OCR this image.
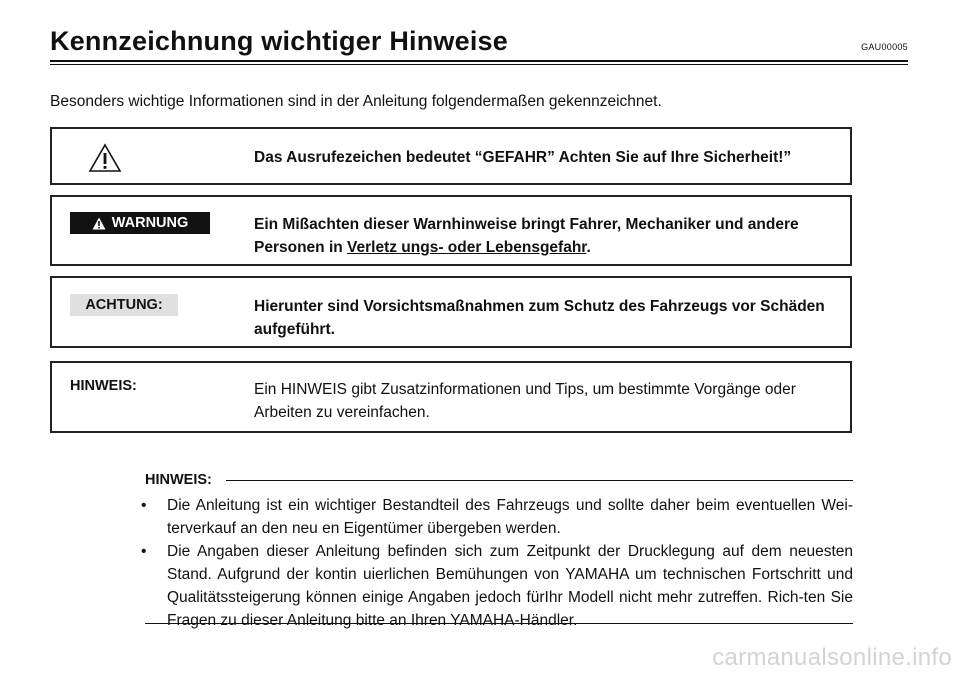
Kennzeichnung wichtiger Hinweise	GAU00005
Besonders wichtige Informationen sind in der Anleitung folgendermaßen gekennzeichnet.
Das Ausrufezeichen bedeutet “GEFAHR” Achten Sie auf Ihre Sicherheit!”
WARNUNG	Ein Mißachten dieser Warnhinweise bringt Fahrer, Mechaniker und andere Personen in Verletz ungs- oder Lebensgefahr.
ACHTUNG:	Hierunter sind Vorsichtsmaßnahmen zum Schutz des Fahrzeugs vor Schäden aufgeführt.
HINWEIS:	Ein HINWEIS gibt Zusatzinformationen und Tips, um bestimmte Vorgänge oder Arbeiten zu vereinfachen.
HINWEIS:
• Die Anleitung ist ein wichtiger Bestandteil des Fahrzeugs und sollte daher beim eventuellen Wei-terverkauf an den neu en Eigentümer übergeben werden.
• Die Angaben dieser Anleitung befinden sich zum Zeitpunkt der Drucklegung auf dem neuesten Stand. Aufgrund der kontin uierlichen Bemühungen von YAMAHA um technischen Fortschritt und Qualitätssteigerung können einige Angaben jedoch fürIhr Modell nicht mehr zutreffen. Rich-ten Sie Fragen zu dieser Anleitung bitte an Ihren YAMAHA-Händler.
carmanualsonline.info
